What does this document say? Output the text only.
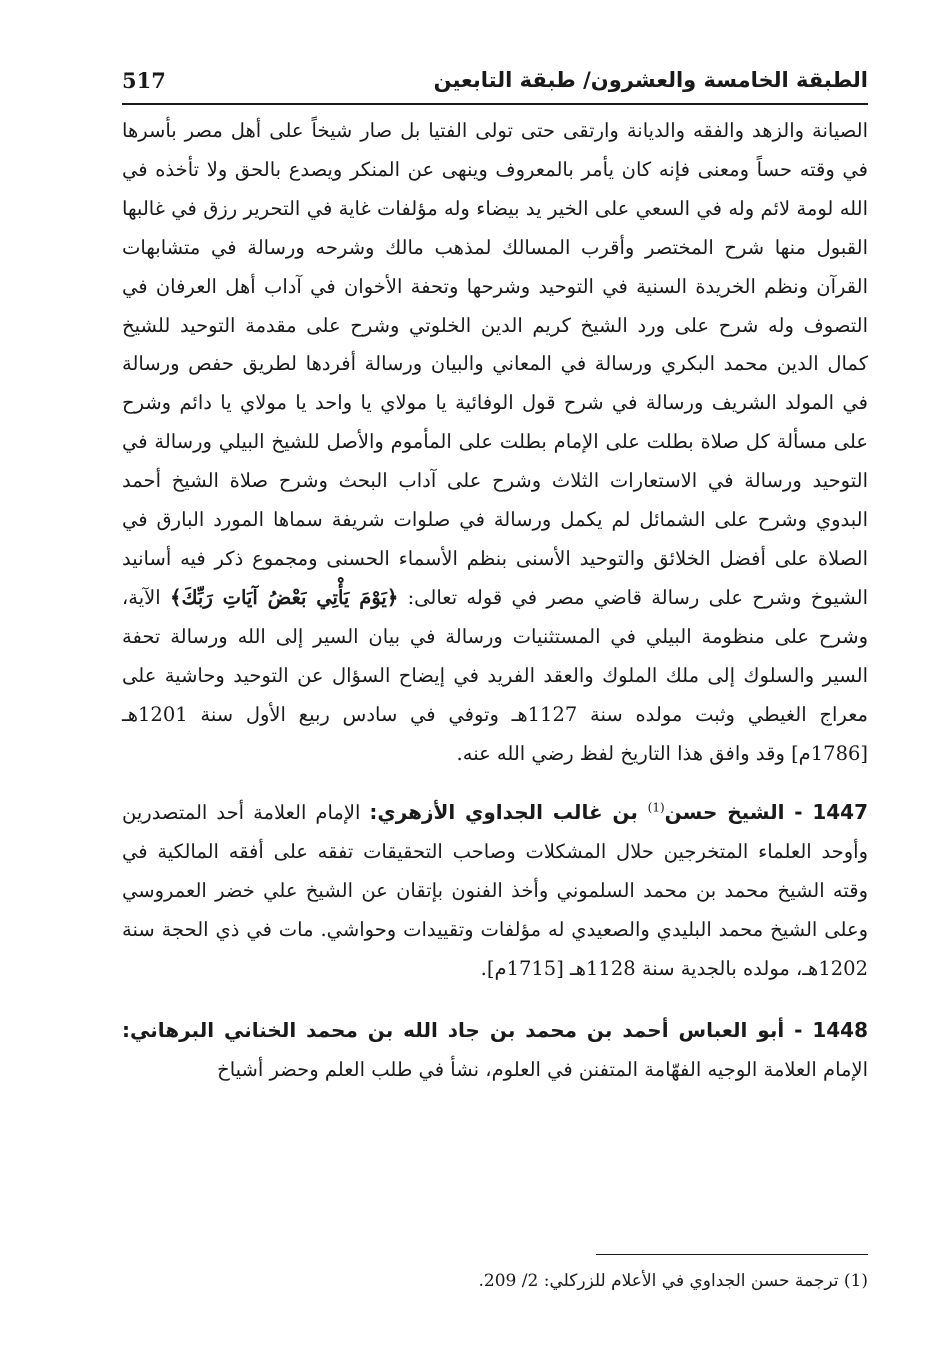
الطبقة الخامسة والعشرون/ طبقة التابعين
517

الصيانة والزهد والفقه والديانة وارتقى حتى تولى الفتيا بل صار شيخاً على أهل مصر بأسرها في وقته حساً ومعنى فإنه كان يأمر بالمعروف وينهى عن المنكر ويصدع بالحق ولا تأخذه في الله لومة لائم وله في السعي على الخير يد بيضاء وله مؤلفات غاية في التحرير رزق في غالبها القبول منها شرح المختصر وأقرب المسالك لمذهب مالك وشرحه ورسالة في متشابهات القرآن ونظم الخريدة السنية في التوحيد وشرحها وتحفة الأخوان في آداب أهل العرفان في التصوف وله شرح على ورد الشيخ كريم الدين الخلوتي وشرح على مقدمة التوحيد للشيخ كمال الدين محمد البكري ورسالة في المعاني والبيان ورسالة أفردها لطريق حفص ورسالة في المولد الشريف ورسالة في شرح قول الوفائية يا مولاي يا واحد يا مولاي يا دائم وشرح على مسألة كل صلاة بطلت على الإمام بطلت على المأموم والأصل للشيخ البيلي ورسالة في التوحيد ورسالة في الاستعارات الثلاث وشرح على آداب البحث وشرح صلاة الشيخ أحمد البدوي وشرح على الشمائل لم يكمل ورسالة في صلوات شريفة سماها المورد البارق في الصلاة على أفضل الخلائق والتوحيد الأسنى بنظم الأسماء الحسنى ومجموع ذكر فيه أسانيد الشيوخ وشرح على رسالة قاضي مصر في قوله تعالى: ﴿يَوْمَ يَأْتِي بَعْضُ آيَاتِ رَبِّكَ﴾ الآية، وشرح على منظومة البيلي في المستثنيات ورسالة في بيان السير إلى الله ورسالة تحفة السير والسلوك إلى ملك الملوك والعقد الفريد في إيضاح السؤال عن التوحيد وحاشية على معراج الغيطي وثبت مولده سنة 1127هـ وتوفي في سادس ربيع الأول سنة 1201هـ [1786م] وقد وافق هذا التاريخ لفظ رضي الله عنه.

1447 - الشيخ حسن$^{(1)}$ بن غالب الجداوي الأزهري: الإمام العلامة أحد المتصدرين وأوحد العلماء المتخرجين حلال المشكلات وصاحب التحقيقات تفقه على أفقه المالكية في وقته الشيخ محمد بن محمد السلموني وأخذ الفنون بإتقان عن الشيخ علي خضر العمروسي وعلى الشيخ محمد البليدي والصعيدي له مؤلفات وتقييدات وحواشي. مات في ذي الحجة سنة 1202هـ، مولده بالجدية سنة 1128هـ [1715م].

1448 - أبو العباس أحمد بن محمد بن جاد الله بن محمد الخناني البرهاني: الإمام العلامة الوجيه الفهّامة المتفنن في العلوم، نشأ في طلب العلم وحضر أشياخ

(1) ترجمة حسن الجداوي في الأعلام للزركلي: 2/ 209.
